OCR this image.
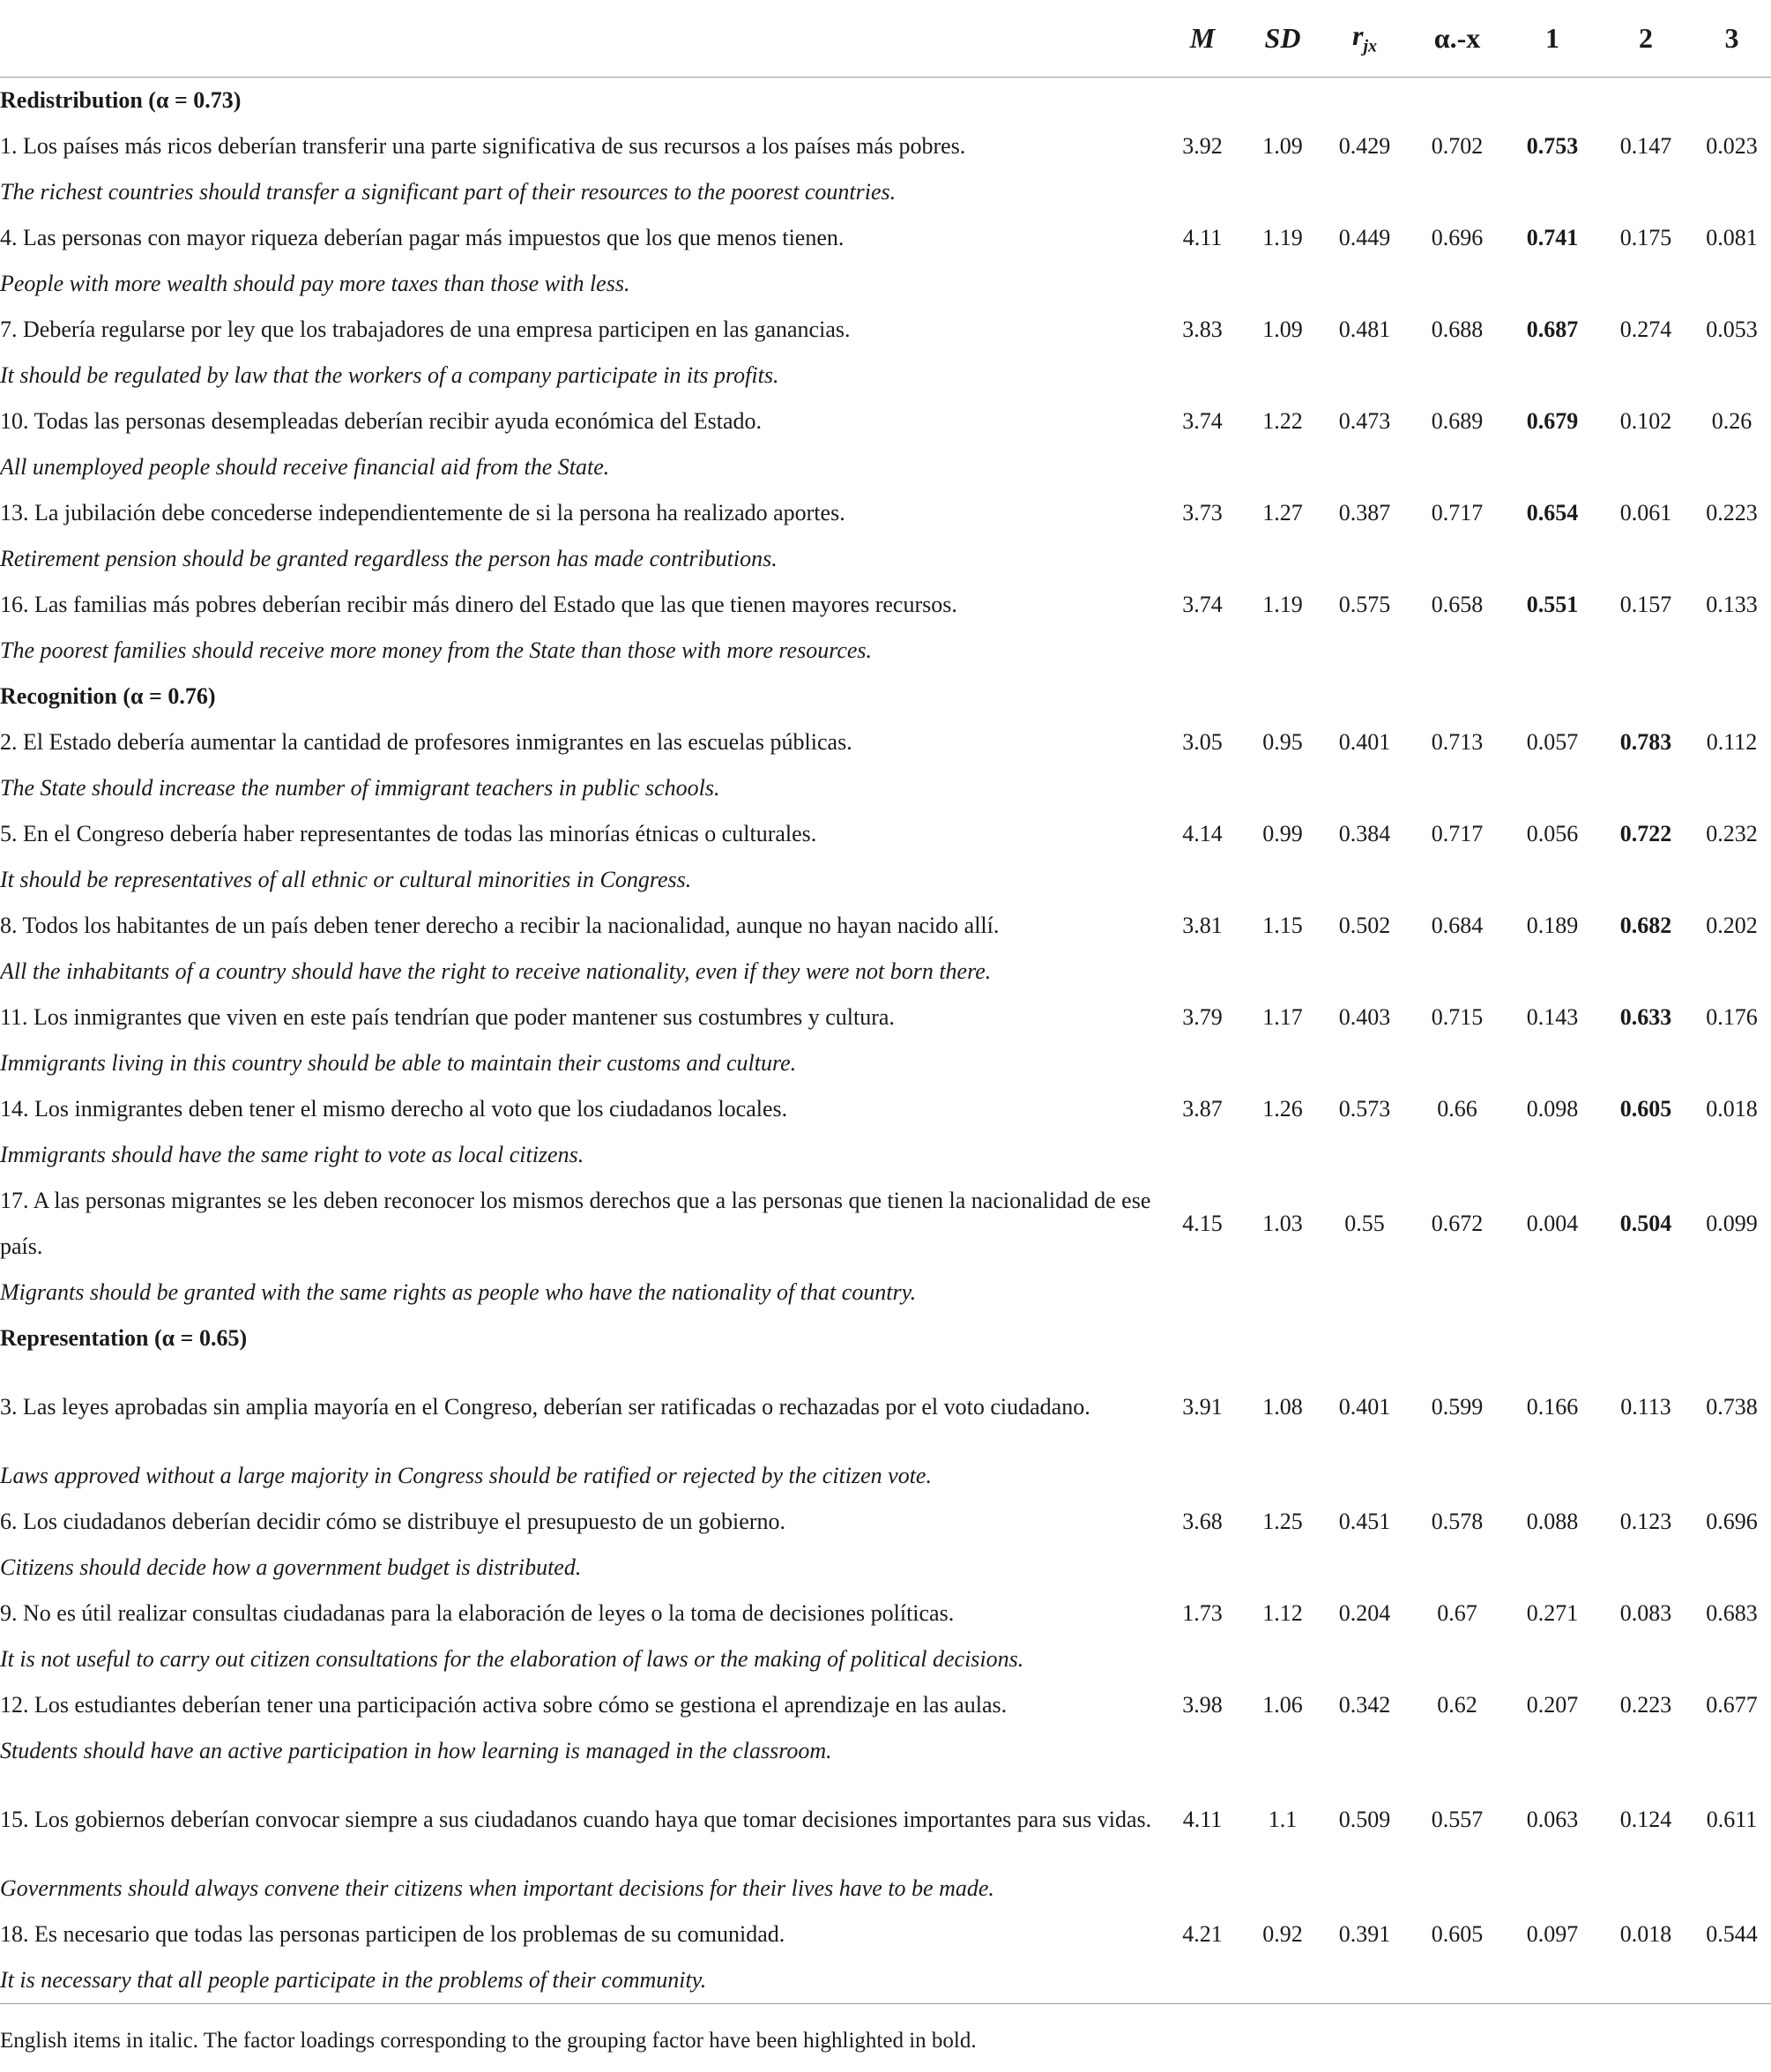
	M	SD	$r_{jx}$	α.-x	1	2	3
Redistribution (α = 0.73)							
1. Los países más ricos deberían transferir una parte significativa de sus recursos a los países más pobres.	3.92	1.09	0.429	0.702	0.753	0.147	0.023
The richest countries should transfer a significant part of their resources to the poorest countries.							
4. Las personas con mayor riqueza deberían pagar más impuestos que los que menos tienen.	4.11	1.19	0.449	0.696	0.741	0.175	0.081
People with more wealth should pay more taxes than those with less.							
7. Debería regularse por ley que los trabajadores de una empresa participen en las ganancias.	3.83	1.09	0.481	0.688	0.687	0.274	0.053
It should be regulated by law that the workers of a company participate in its profits.							
10. Todas las personas desempleadas deberían recibir ayuda económica del Estado.	3.74	1.22	0.473	0.689	0.679	0.102	0.26
All unemployed people should receive financial aid from the State.							
13. La jubilación debe concederse independientemente de si la persona ha realizado aportes.	3.73	1.27	0.387	0.717	0.654	0.061	0.223
Retirement pension should be granted regardless the person has made contributions.							
16. Las familias más pobres deberían recibir más dinero del Estado que las que tienen mayores recursos.	3.74	1.19	0.575	0.658	0.551	0.157	0.133
The poorest families should receive more money from the State than those with more resources.							
Recognition (α = 0.76)							
2. El Estado debería aumentar la cantidad de profesores inmigrantes en las escuelas públicas.	3.05	0.95	0.401	0.713	0.057	0.783	0.112
The State should increase the number of immigrant teachers in public schools.							
5. En el Congreso debería haber representantes de todas las minorías étnicas o culturales.	4.14	0.99	0.384	0.717	0.056	0.722	0.232
It should be representatives of all ethnic or cultural minorities in Congress.							
8. Todos los habitantes de un país deben tener derecho a recibir la nacionalidad, aunque no hayan nacido allí.	3.81	1.15	0.502	0.684	0.189	0.682	0.202
All the inhabitants of a country should have the right to receive nationality, even if they were not born there.							
11. Los inmigrantes que viven en este país tendrían que poder mantener sus costumbres y cultura.	3.79	1.17	0.403	0.715	0.143	0.633	0.176
Immigrants living in this country should be able to maintain their customs and culture.							
14. Los inmigrantes deben tener el mismo derecho al voto que los ciudadanos locales.	3.87	1.26	0.573	0.66	0.098	0.605	0.018
Immigrants should have the same right to vote as local citizens.							
17. A las personas migrantes se les deben reconocer los mismos derechos que a las personas que tienen la nacionalidad de ese país.	4.15	1.03	0.55	0.672	0.004	0.504	0.099
Migrants should be granted with the same rights as people who have the nationality of that country.							
Representation (α = 0.65)							
3. Las leyes aprobadas sin amplia mayoría en el Congreso, deberían ser ratificadas o rechazadas por el voto ciudadano.	3.91	1.08	0.401	0.599	0.166	0.113	0.738
Laws approved without a large majority in Congress should be ratified or rejected by the citizen vote.							
6. Los ciudadanos deberían decidir cómo se distribuye el presupuesto de un gobierno.	3.68	1.25	0.451	0.578	0.088	0.123	0.696
Citizens should decide how a government budget is distributed.							
9. No es útil realizar consultas ciudadanas para la elaboración de leyes o la toma de decisiones políticas.	1.73	1.12	0.204	0.67	0.271	0.083	0.683
It is not useful to carry out citizen consultations for the elaboration of laws or the making of political decisions.							
12. Los estudiantes deberían tener una participación activa sobre cómo se gestiona el aprendizaje en las aulas.	3.98	1.06	0.342	0.62	0.207	0.223	0.677
Students should have an active participation in how learning is managed in the classroom.							
15. Los gobiernos deberían convocar siempre a sus ciudadanos cuando haya que tomar decisiones importantes para sus vidas.	4.11	1.1	0.509	0.557	0.063	0.124	0.611
Governments should always convene their citizens when important decisions for their lives have to be made.							
18. Es necesario que todas las personas participen de los problemas de su comunidad.	4.21	0.92	0.391	0.605	0.097	0.018	0.544
It is necessary that all people participate in the problems of their community.							
English items in italic. The factor loadings corresponding to the grouping factor have been highlighted in bold.
